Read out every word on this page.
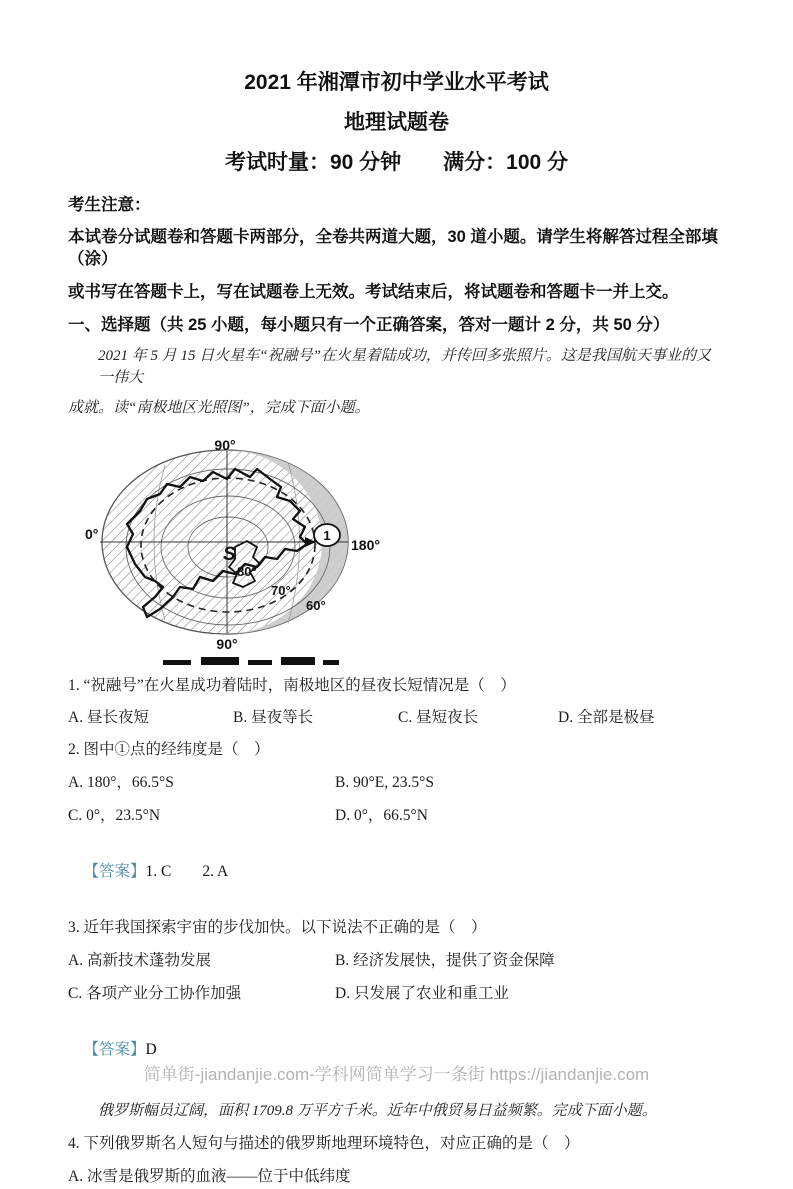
2021 年湘潭市初中学业水平考试
地理试题卷
考试时量：90 分钟　　满分：100 分
考生注意：
本试卷分试题卷和答题卡两部分，全卷共两道大题，30 道小题。请学生将解答过程全部填（涂）
或书写在答题卡上，写在试题卷上无效。考试结束后，将试题卷和答题卡一并上交。
一、选择题（共 25 小题，每小题只有一个正确答案，答对一题计 2 分，共 50 分）
2021 年 5 月 15 日火星车“祝融号”在火星着陆成功，并传回多张照片。这是我国航天事业的又一伟大
成就。读“南极地区光照图”，完成下面小题。
1
90°
0°
180°
90°
S
80°
70°
60°
1. “祝融号”在火星成功着陆时，南极地区的昼夜长短情况是（　）
A. 昼长夜短	B. 昼夜等长	C. 昼短夜长	D. 全部是极昼
2. 图中①点的经纬度是（　）
A. 180°，66.5°S	B. 90°E, 23.5°S
C. 0°，23.5°N	D. 0°，66.5°N

【答案】1. C　　2. A

3. 近年我国探索宇宙的步伐加快。以下说法不正确的是（　）
A. 高新技术蓬勃发展	B. 经济发展快，提供了资金保障
C. 各项产业分工协作加强	D. 只发展了农业和重工业

【答案】D

俄罗斯幅员辽阔，面积 1709.8 万平方千米。近年中俄贸易日益频繁。完成下面小题。
4. 下列俄罗斯名人短句与描述的俄罗斯地理环境特色，对应正确的是（　）
A. 冰雪是俄罗斯的血液——位于中低纬度
简单街-jiandanjie.com-学科网简单学习一条街 https://jiandanjie.com
